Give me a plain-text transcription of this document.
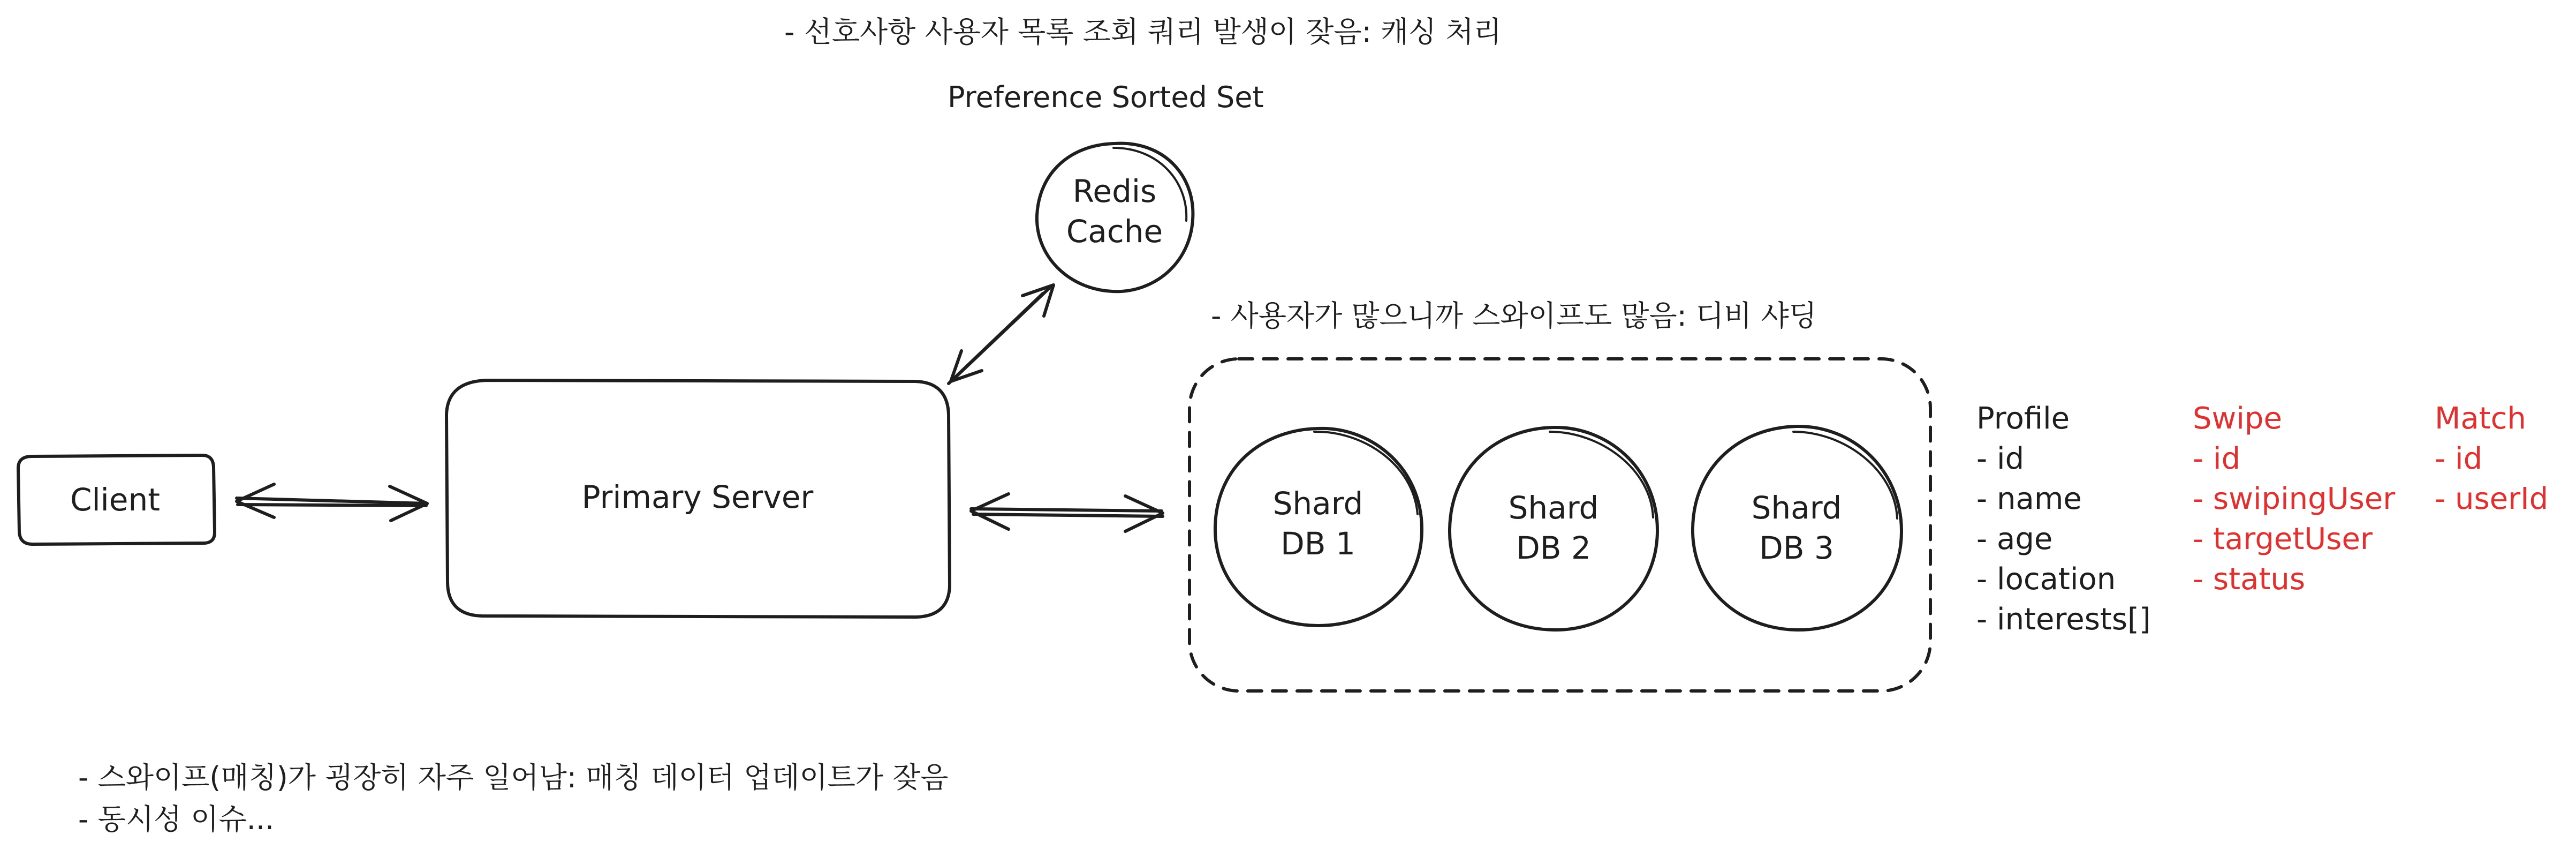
- 선호사항 사용자 목록 조회 쿼리 발생이 잦음: 캐싱 처리
Preference Sorted Set
Redis
Cache
- 사용자가 많으니까 스와이프도 많음: 디비 샤딩
Client	Primary Server	Shard
DB 1
Shard
DB 2
Shard
DB 3
Profile
- id
- name
- age
- location
- interests[]
Swipe
- id
- swipingUser
- targetUser
- status
Match
- id
- userId
- 스와이프(매칭)가 굉장히 자주 일어남: 매칭 데이터 업데이트가 잦음
- 동시성 이슈...
